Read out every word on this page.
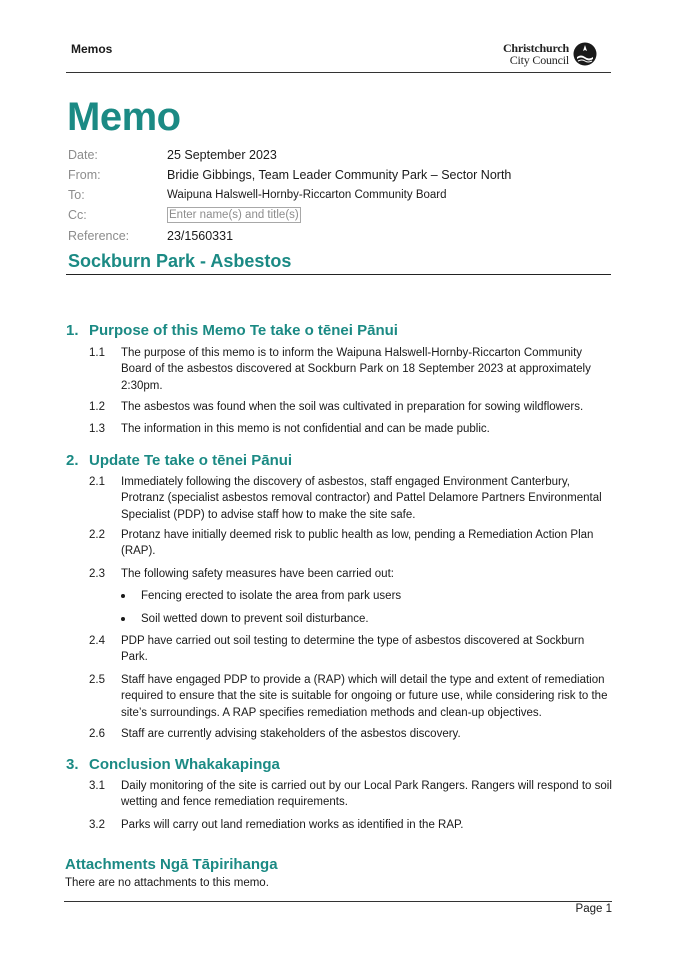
Memos	Christchurch
City Council
Memo
Date:	25 September 2023
From:	Bridie Gibbings, Team Leader Community Park – Sector North
To:	Waipuna Halswell-Hornby-Riccarton Community Board
Cc:	Enter name(s) and title(s)
Reference:	23/1560331
Sockburn Park - Asbestos
1. Purpose of this Memo Te take o tēnei Pānui
1.1 The purpose of this memo is to inform the Waipuna Halswell-Hornby-Riccarton Community Board of the asbestos discovered at Sockburn Park on 18 September 2023 at approximately 2:30pm.
1.2 The asbestos was found when the soil was cultivated in preparation for sowing wildflowers.
1.3 The information in this memo is not confidential and can be made public.
2. Update Te take o tēnei Pānui
2.1 Immediately following the discovery of asbestos, staff engaged Environment Canterbury, Protranz (specialist asbestos removal contractor) and Pattel Delamore Partners Environmental Specialist (PDP) to advise staff how to make the site safe.
2.2 Protanz have initially deemed risk to public health as low, pending a Remediation Action Plan (RAP).
2.3 The following safety measures have been carried out:
Fencing erected to isolate the area from park users
Soil wetted down to prevent soil disturbance.
2.4 PDP have carried out soil testing to determine the type of asbestos discovered at Sockburn Park.
2.5 Staff have engaged PDP to provide a (RAP) which will detail the type and extent of remediation required to ensure that the site is suitable for ongoing or future use, while considering risk to the site’s surroundings. A RAP specifies remediation methods and clean-up objectives.
2.6 Staff are currently advising stakeholders of the asbestos discovery.
3. Conclusion Whakakapinga
3.1 Daily monitoring of the site is carried out by our Local Park Rangers. Rangers will respond to soil wetting and fence remediation requirements.
3.2 Parks will carry out land remediation works as identified in the RAP.
Attachments Ngā Tāpirihanga
There are no attachments to this memo.
Page 1
